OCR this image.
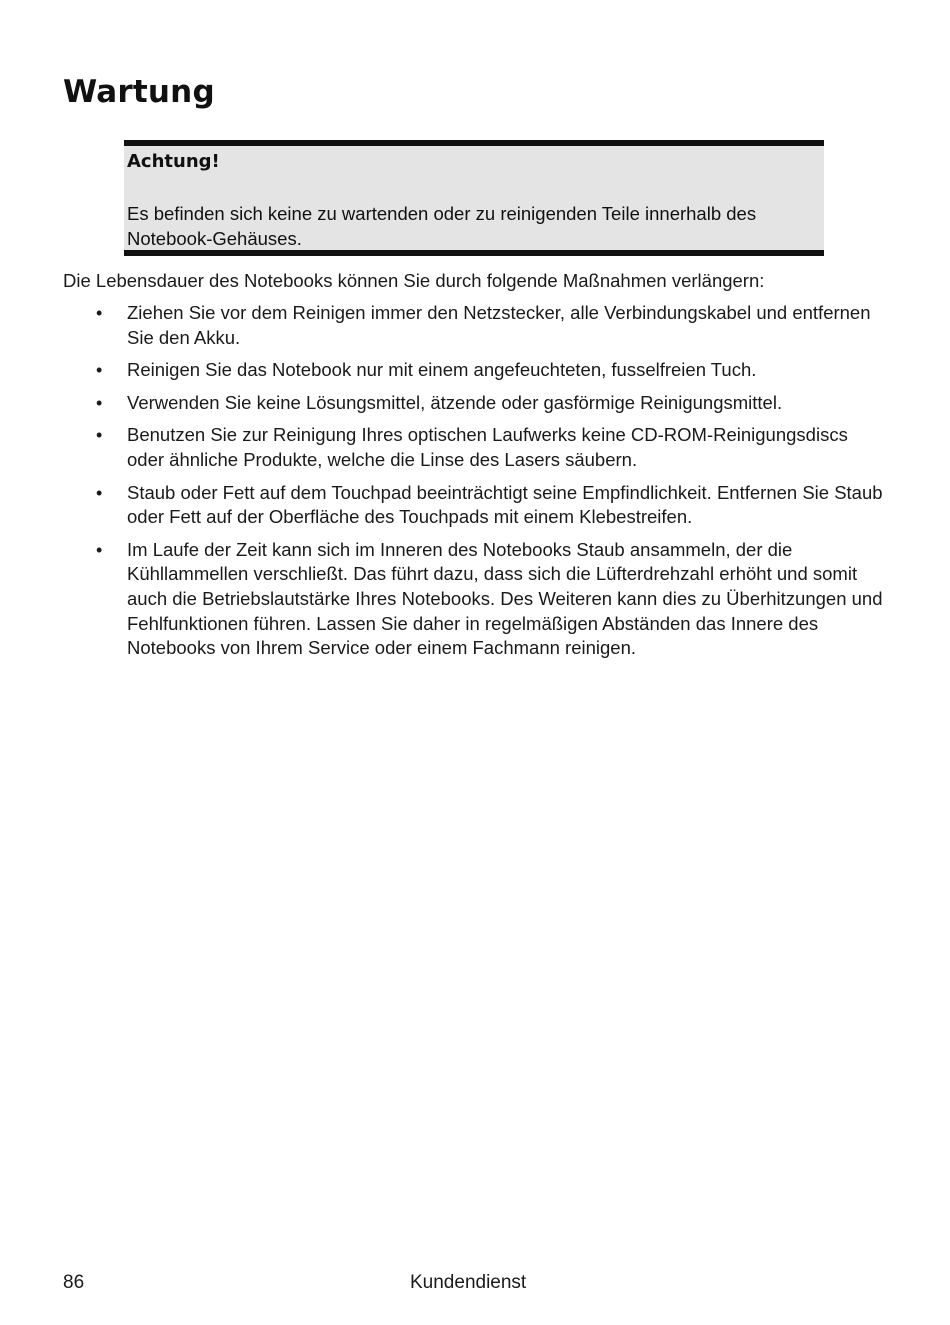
Wartung
Achtung!
Es befinden sich keine zu wartenden oder zu reinigenden Teile innerhalb des Notebook-Gehäuses.

Die Lebensdauer des Notebooks können Sie durch folgende Maßnahmen verlängern:

• Ziehen Sie vor dem Reinigen immer den Netzstecker, alle Verbindungskabel und entfernen Sie den Akku.
• Reinigen Sie das Notebook nur mit einem angefeuchteten, fusselfreien Tuch.
• Verwenden Sie keine Lösungsmittel, ätzende oder gasförmige Reinigungsmittel.
• Benutzen Sie zur Reinigung Ihres optischen Laufwerks keine CD-ROM-Reinigungsdiscs oder ähnliche Produkte, welche die Linse des Lasers säubern.
• Staub oder Fett auf dem Touchpad beeinträchtigt seine Empfindlichkeit. Entfernen Sie Staub oder Fett auf der Oberfläche des Touchpads mit einem Klebestreifen.
• Im Laufe der Zeit kann sich im Inneren des Notebooks Staub ansammeln, der die Kühllammellen verschließt. Das führt dazu, dass sich die Lüfterdrehzahl erhöht und somit auch die Betriebslautstärke Ihres Notebooks. Des Weiteren kann dies zu Überhitzungen und Fehlfunktionen führen. Lassen Sie daher in regelmäßigen Abständen das Innere des Notebooks von Ihrem Service oder einem Fachmann reinigen.
86	Kundendienst
